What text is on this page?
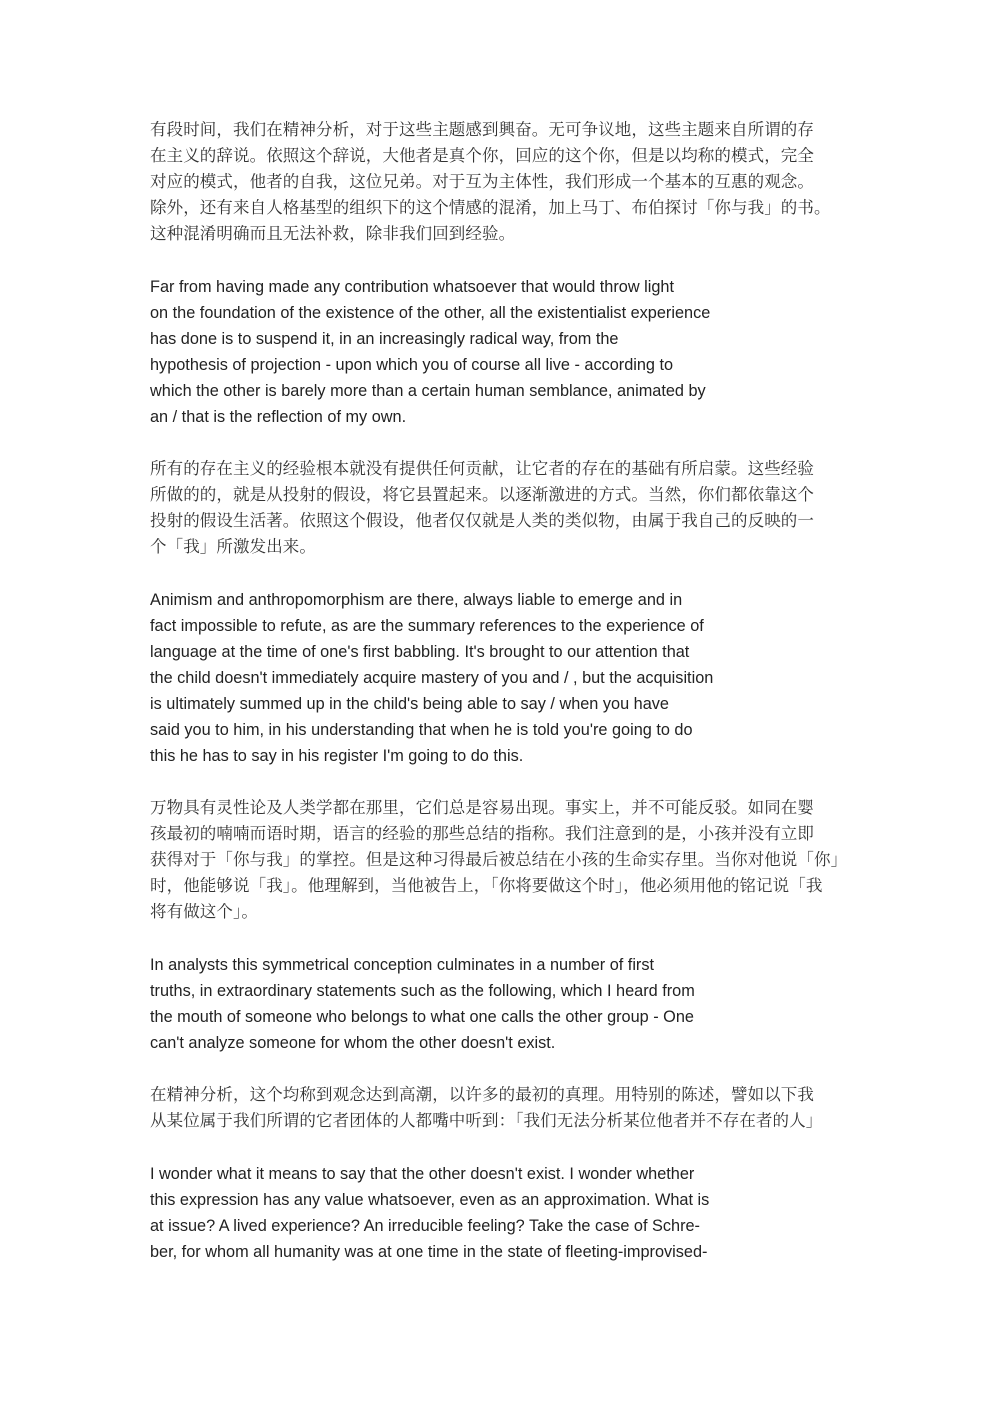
有段时间，我们在精神分析，对于这些主题感到興奋。无可争议地，这些主题来自所谓的存
在主义的辞说。依照这个辞说，大他者是真个你，回应的这个你，但是以均称的模式，完全
对应的模式，他者的自我，这位兄弟。对于互为主体性，我们形成一个基本的互惠的观念。
除外，还有来自人格基型的组织下的这个情感的混淆，加上马丁、布伯探讨「你与我」的书。
这种混淆明确而且无法补救，除非我们回到经验。
Far from having made any contribution whatsoever that would throw light
on the foundation of the existence of the other, all the existentialist experience
has done is to suspend it, in an increasingly radical way, from the
hypothesis of projection - upon which you of course all live - according to
which the other is barely more than a certain human semblance, animated by
an / that is the reflection of my own.
所有的存在主义的经验根本就没有提供任何贡献，让它者的存在的基础有所启蒙。这些经验
所做的的，就是从投射的假设，将它县置起来。以逐渐激进的方式。当然，你们都依靠这个
投射的假设生活著。依照这个假设，他者仅仅就是人类的类似物，由属于我自己的反映的一
个「我」所激发出来。
Animism and anthropomorphism are there, always liable to emerge and in
fact impossible to refute, as are the summary references to the experience of
language at the time of one's first babbling. It's brought to our attention that
the child doesn't immediately acquire mastery of you and / , but the acquisition
is ultimately summed up in the child's being able to say / when you have
said you to him, in his understanding that when he is told you're going to do
this he has to say in his register I'm going to do this.
万物具有灵性论及人类学都在那里，它们总是容易出现。事实上，并不可能反驳。如同在婴
孩最初的喃喃而语时期，语言的经验的那些总结的指称。我们注意到的是，小孩并没有立即
获得对于「你与我」的掌控。但是这种习得最后被总结在小孩的生命实存里。当你对他说「你」
时，他能够说「我」。他理解到，当他被告上，「你将要做这个时」，他必须用他的铭记说「我
将有做这个」。
In analysts this symmetrical conception culminates in a number of first
truths, in extraordinary statements such as the following, which I heard from
the mouth of someone who belongs to what one calls the other group - One
can't analyze someone for whom the other doesn't exist.
在精神分析，这个均称到观念达到高潮，以许多的最初的真理。用特别的陈述，譬如以下我
从某位属于我们所谓的它者团体的人都嘴中听到：「我们无法分析某位他者并不存在者的人」
I wonder what it means to say that the other doesn't exist. I wonder whether
this expression has any value whatsoever, even as an approximation. What is
at issue? A lived experience? An irreducible feeling? Take the case of Schre-
ber, for whom all humanity was at one time in the state of fleeting-improvised-
